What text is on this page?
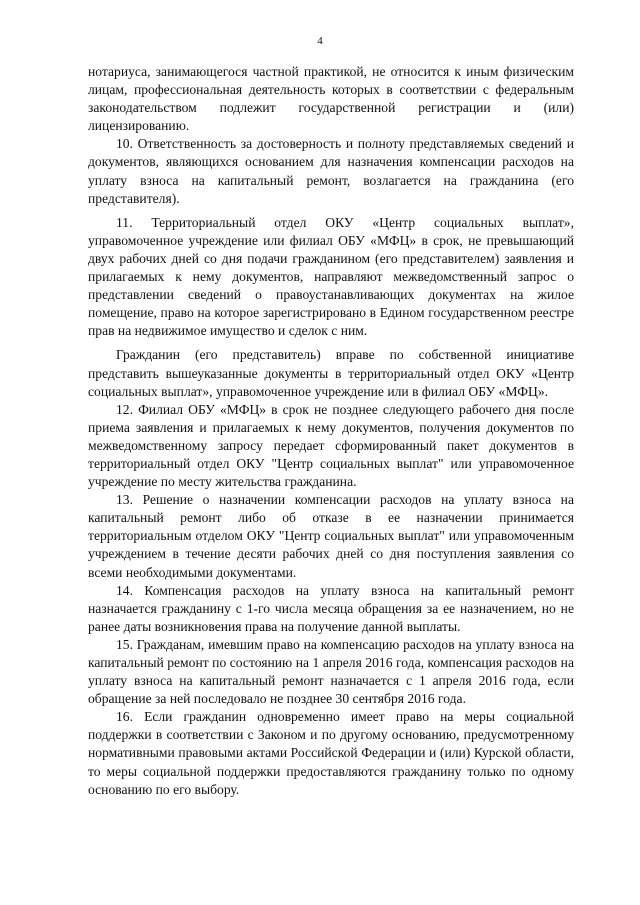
4

нотариуса, занимающегося частной практикой, не относится к иным физическим лицам, профессиональная деятельность которых в соответствии с федеральным законодательством подлежит государственной регистрации и (или) лицензированию.

10. Ответственность за достоверность и полноту представляемых сведений и документов, являющихся основанием для назначения компенсации расходов на уплату взноса на капитальный ремонт, возлагается на гражданина (его представителя).

11. Территориальный отдел ОКУ «Центр социальных выплат», управомоченное учреждение или филиал ОБУ «МФЦ» в срок, не превышающий двух рабочих дней со дня подачи гражданином (его представителем) заявления и прилагаемых к нему документов, направляют межведомственный запрос о представлении сведений о правоустанавливающих документах на жилое помещение, право на которое зарегистрировано в Едином государственном реестре прав на недвижимое имущество и сделок с ним.

Гражданин (его представитель) вправе по собственной инициативе представить вышеуказанные документы в территориальный отдел ОКУ «Центр социальных выплат», управомоченное учреждение или в филиал ОБУ «МФЦ».

12. Филиал ОБУ «МФЦ» в срок не позднее следующего рабочего дня после приема заявления и прилагаемых к нему документов, получения документов по межведомственному запросу передает сформированный пакет документов в территориальный отдел ОКУ "Центр социальных выплат" или управомоченное учреждение по месту жительства гражданина.

13. Решение о назначении компенсации расходов на уплату взноса на капитальный ремонт либо об отказе в ее назначении принимается территориальным отделом ОКУ "Центр социальных выплат" или управомоченным учреждением в течение десяти рабочих дней со дня поступления заявления со всеми необходимыми документами.

14. Компенсация расходов на уплату взноса на капитальный ремонт назначается гражданину с 1-го числа месяца обращения за ее назначением, но не ранее даты возникновения права на получение данной выплаты.

15. Гражданам, имевшим право на компенсацию расходов на уплату взноса на капитальный ремонт по состоянию на 1 апреля 2016 года, компенсация расходов на уплату взноса на капитальный ремонт назначается с 1 апреля 2016 года, если обращение за ней последовало не позднее 30 сентября 2016 года.

16. Если гражданин одновременно имеет право на меры социальной поддержки в соответствии с Законом и по другому основанию, предусмотренному нормативными правовыми актами Российской Федерации и (или) Курской области, то меры социальной поддержки предоставляются гражданину только по одному основанию по его выбору.
